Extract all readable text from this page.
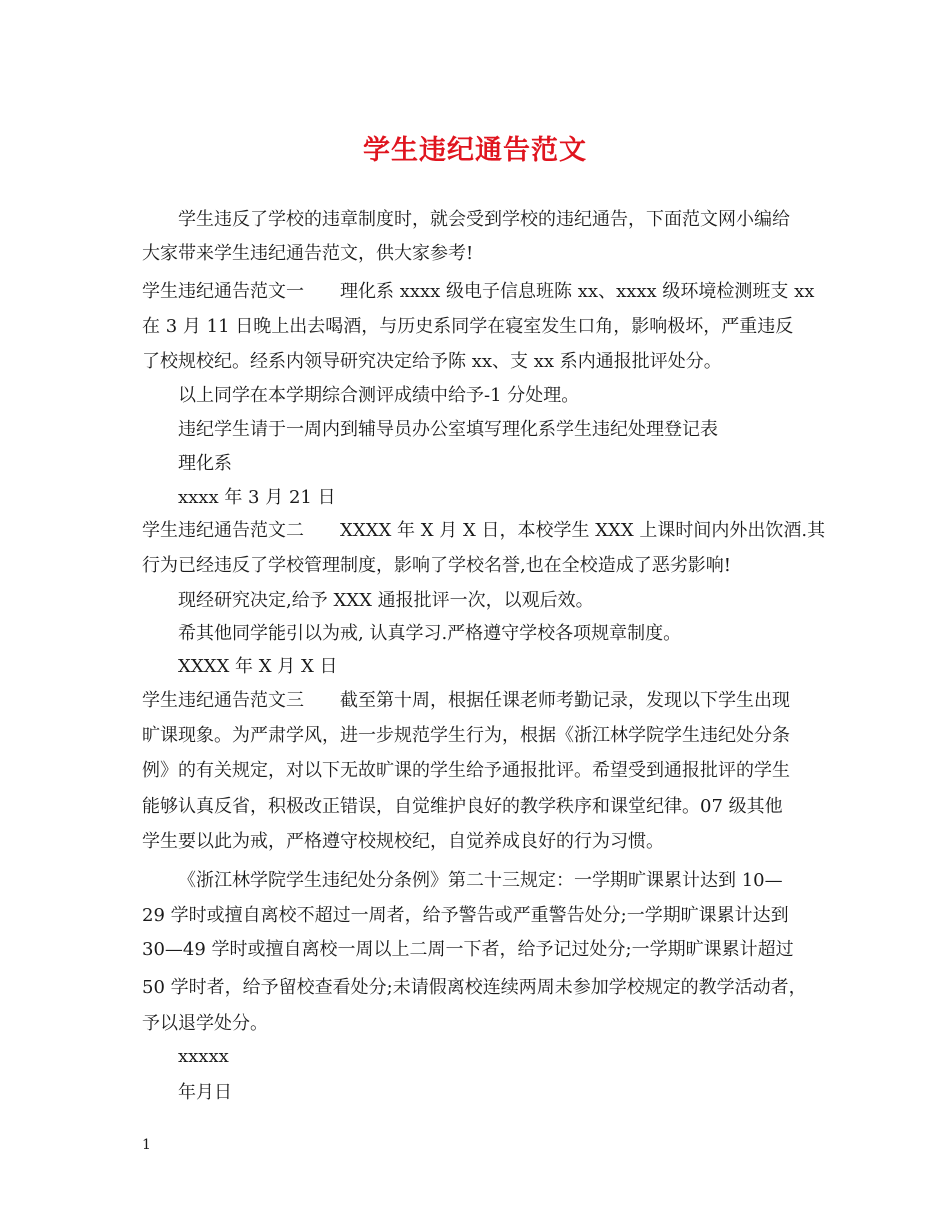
学生违纪通告范文
学生违反了学校的违章制度时，就会受到学校的违纪通告，下面范文网小编给
大家带来学生违纪通告范文，供大家参考!
学生违纪通告范文一　　理化系 xxxx 级电子信息班陈 xx、xxxx 级环境检测班支 xx
在 3 月 11 日晚上出去喝酒，与历史系同学在寝室发生口角，影响极坏，严重违反
了校规校纪。经系内领导研究决定给予陈 xx、支 xx 系内通报批评处分。
以上同学在本学期综合测评成绩中给予-1 分处理。
违纪学生请于一周内到辅导员办公室填写理化系学生违纪处理登记表
理化系
xxxx 年 3 月 21 日
学生违纪通告范文二　　XXXX 年 X 月 X 日，本校学生 XXX 上课时间内外出饮酒.其
行为已经违反了学校管理制度，影响了学校名誉,也在全校造成了恶劣影响!
现经研究决定,给予 XXX 通报批评一次，以观后效。
希其他同学能引以为戒, 认真学习.严格遵守学校各项规章制度。
XXXX 年 X 月 X 日
学生违纪通告范文三　　截至第十周，根据任课老师考勤记录，发现以下学生出现
旷课现象。为严肃学风，进一步规范学生行为，根据《浙江林学院学生违纪处分条
例》的有关规定，对以下无故旷课的学生给予通报批评。希望受到通报批评的学生
能够认真反省，积极改正错误，自觉维护良好的教学秩序和课堂纪律。07 级其他
学生要以此为戒，严格遵守校规校纪，自觉养成良好的行为习惯。
《浙江林学院学生违纪处分条例》第二十三规定：一学期旷课累计达到 10—
29 学时或擅自离校不超过一周者，给予警告或严重警告处分;一学期旷课累计达到
30—49 学时或擅自离校一周以上二周一下者，给予记过处分;一学期旷课累计超过
50 学时者，给予留校查看处分;未请假离校连续两周未参加学校规定的教学活动者，
予以退学处分。
xxxxx
年月日
1
